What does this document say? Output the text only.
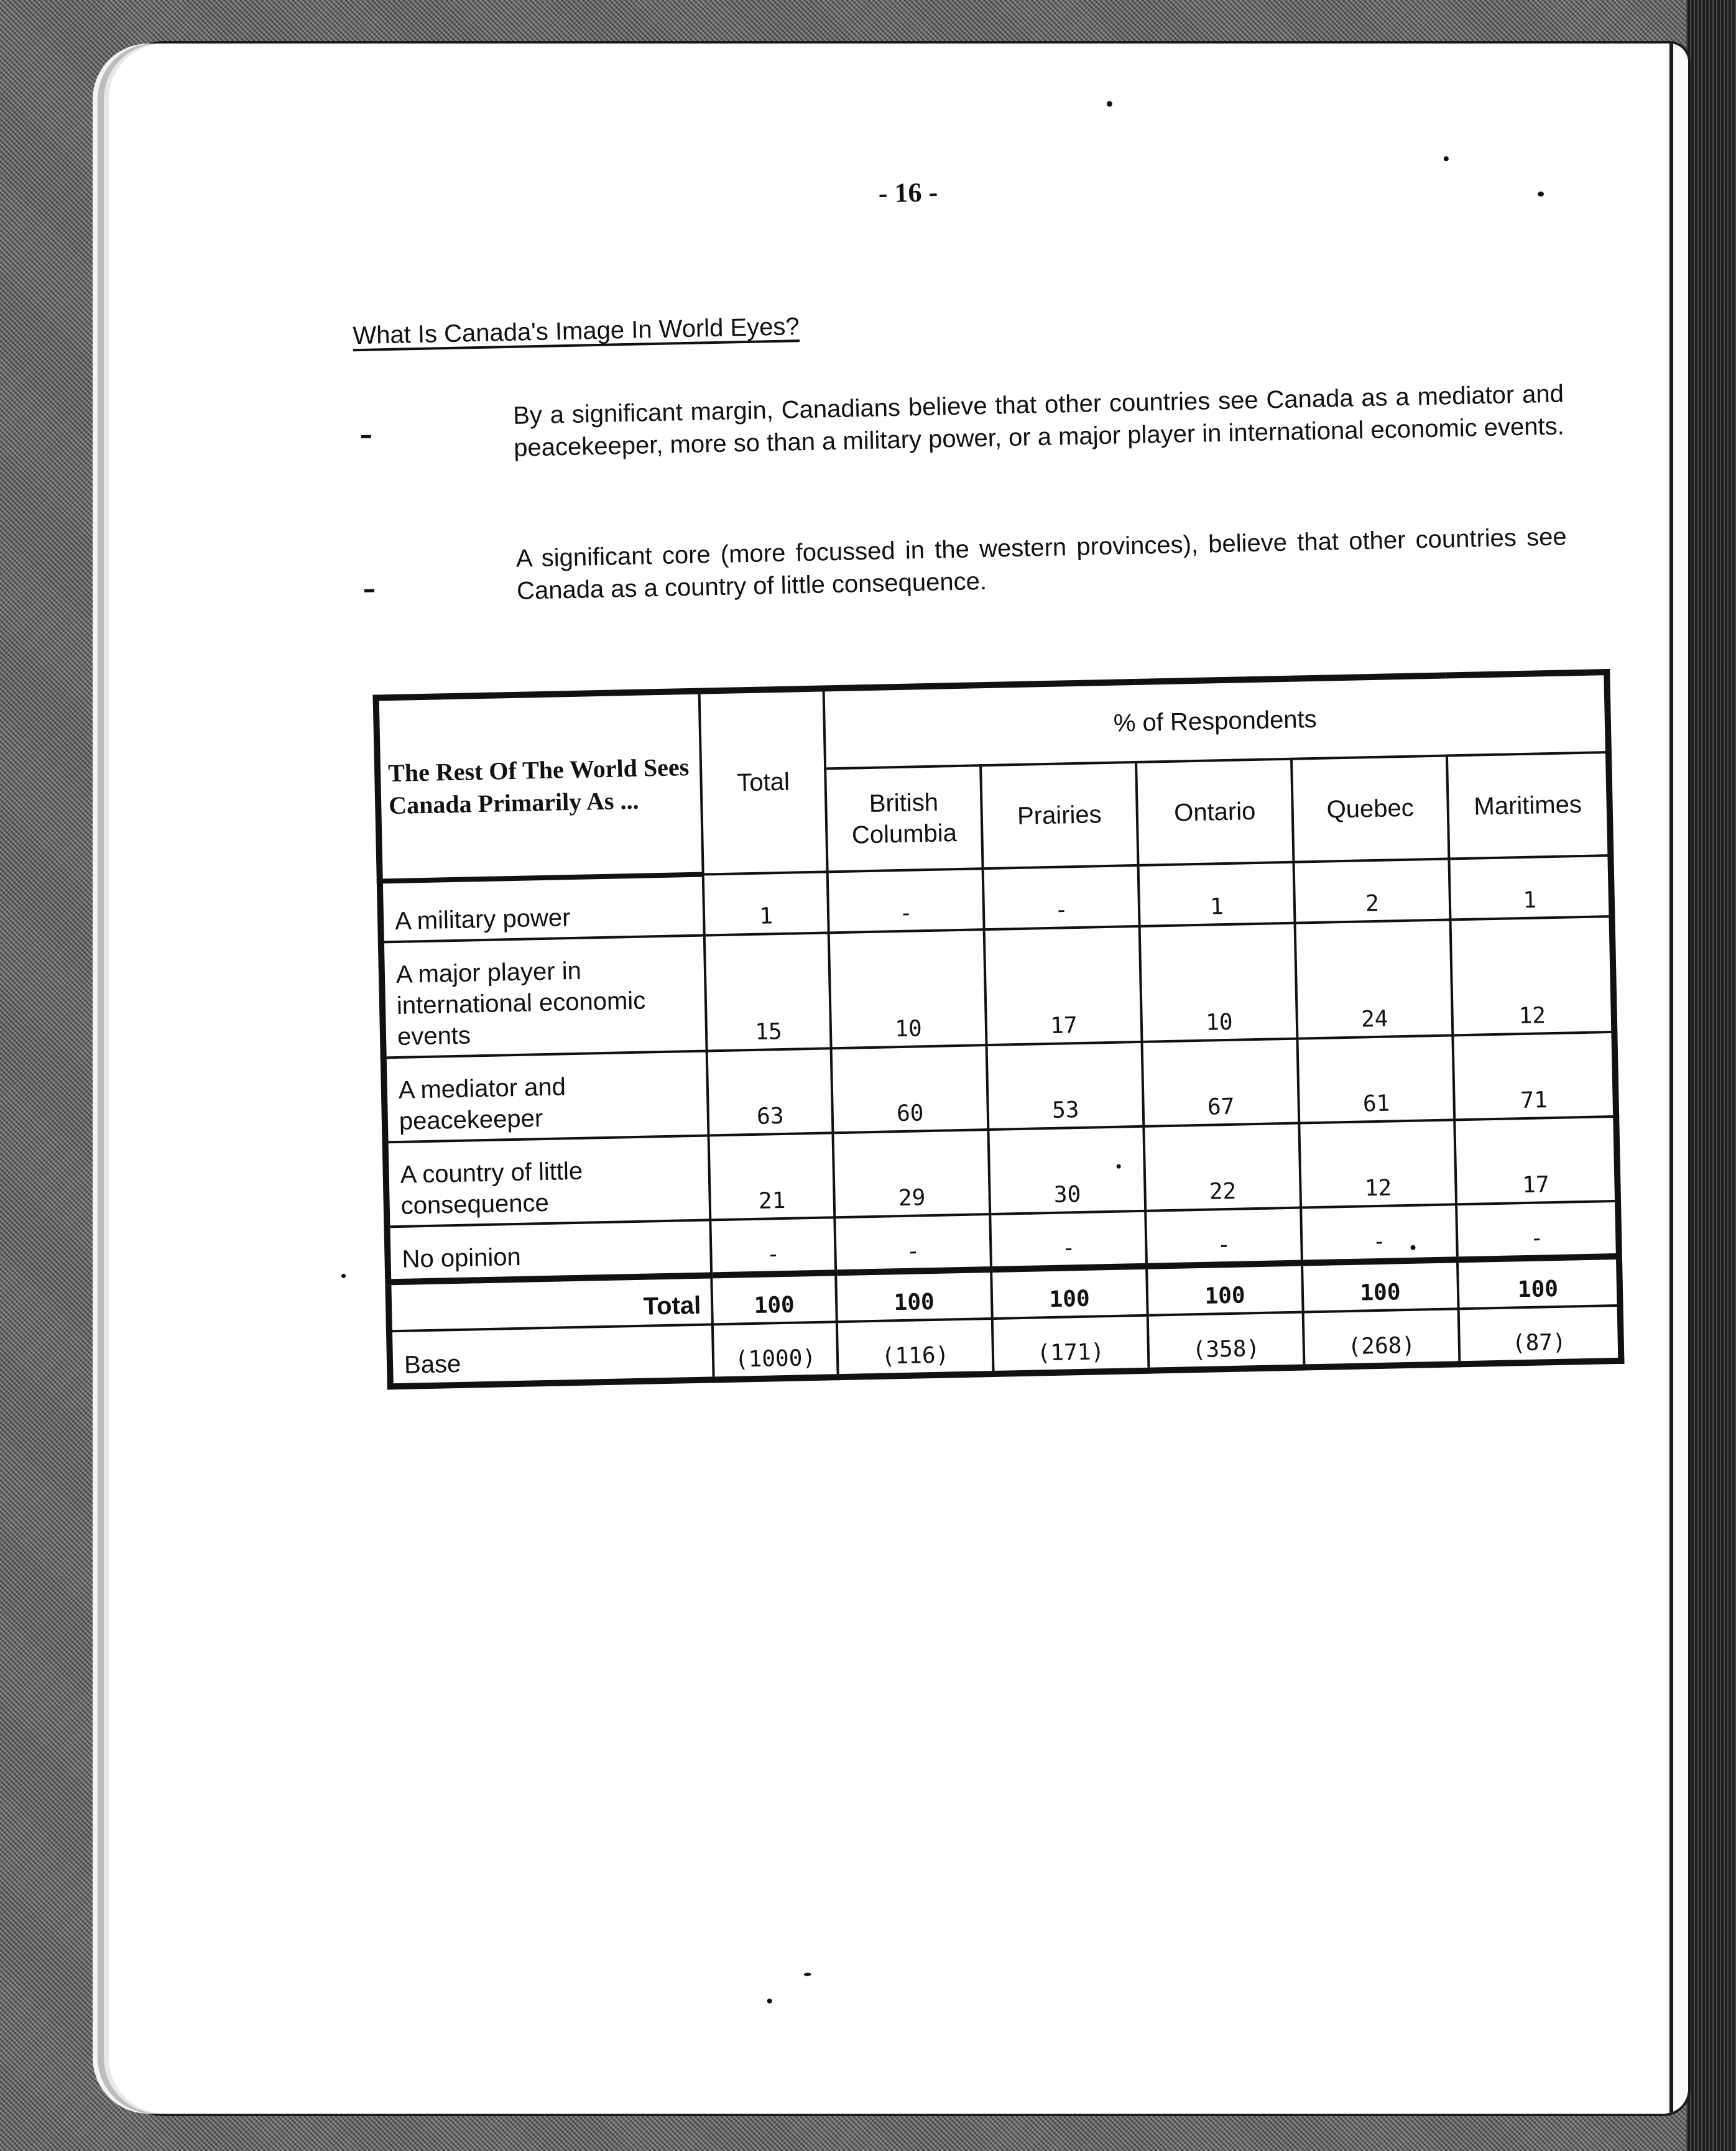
- 16 -
What Is Canada's Image In World Eyes?
By a significant margin, Canadians believe that other countries see Canada as a mediator and peacekeeper, more so than a military power, or a major player in international economic events.
A significant core (more focussed in the western provinces), believe that other countries see Canada as a country of little consequence.
The Rest Of The World Sees Canada Primarily As ...	Total	% of Respondents				
		British Columbia	Prairies	Ontario	Quebec	Maritimes
A military power	1	-	-	1	2	1
A major player in international economic events	15	10	17	10	24	12
A mediator and peacekeeper	63	60	53	67	61	71
A country of little consequence	21	29	30	22	12	17
No opinion	-	-	-	-	-	-
Total	100	100	100	100	100	100
Base	(1000)	(116)	(171)	(358)	(268)	(87)
